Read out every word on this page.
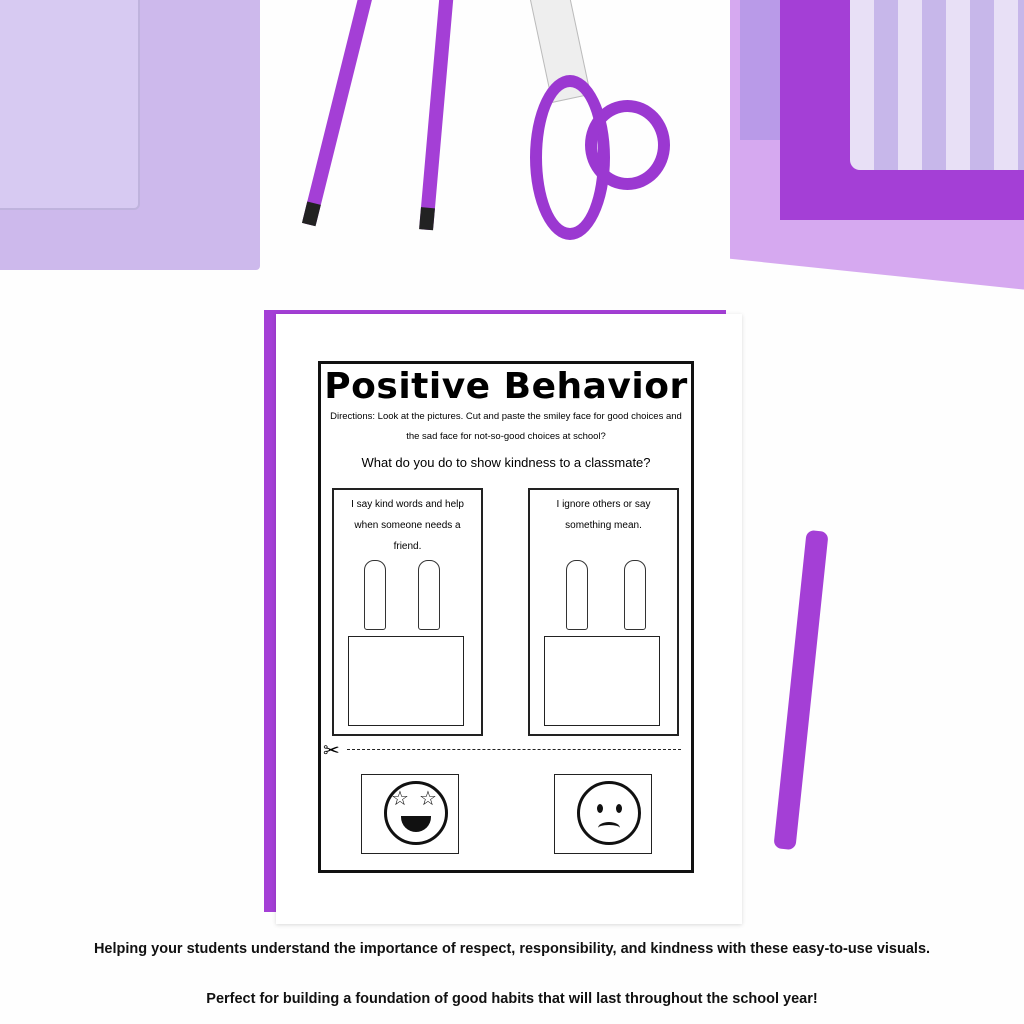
Positive Behavior
Directions: Look at the pictures. Cut and paste the smiley face for good choices and the sad face for not-so-good choices at school?
What do you do to show kindness to a classmate?

I say kind words and help when someone needs a friend.

I ignore others or say something mean.

✂
☆ ☆
Helping your students understand the importance of respect, responsibility, and kindness with these easy-to-use visuals.
Perfect for building a foundation of good habits that will last throughout the school year!
